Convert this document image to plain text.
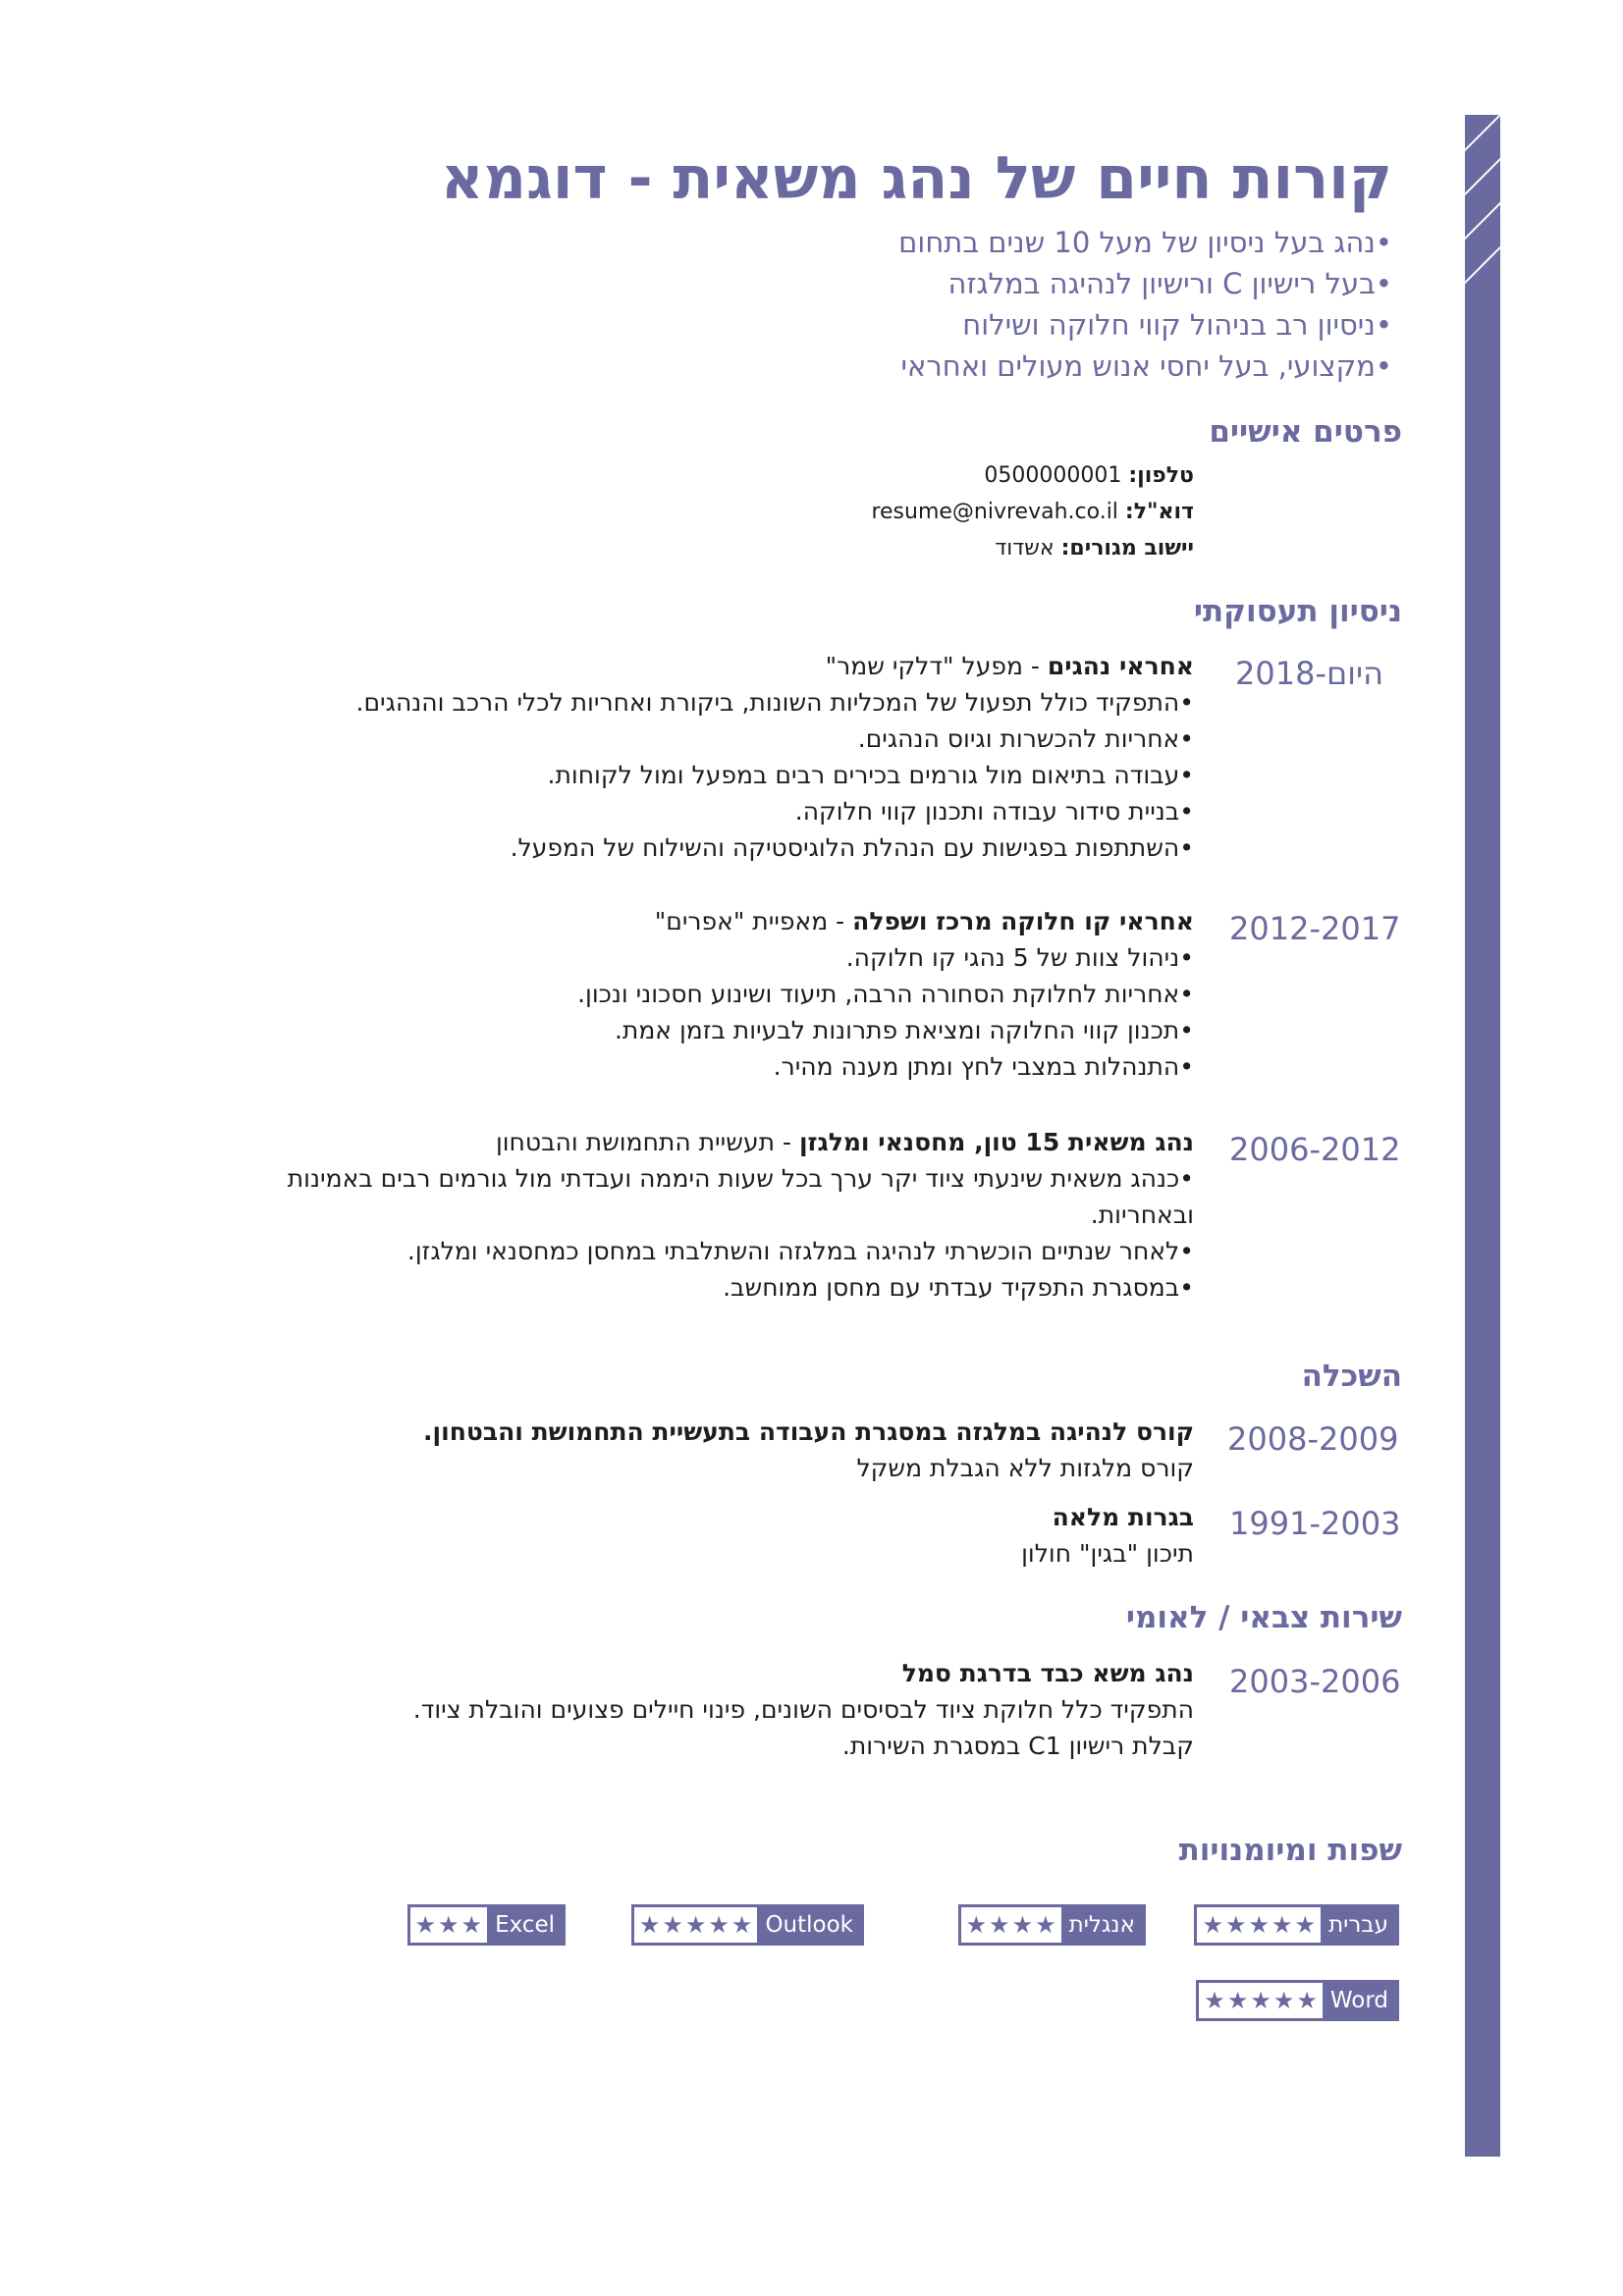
קורות חיים של נהג משאית - דוגמא
•נהג בעל ניסיון של מעל 10 שנים בתחום
•בעל רישיון C ורישיון לנהיגה במלגזה
•ניסיון רב בניהול קווי חלוקה ושילוח
•מקצועי, בעל יחסי אנוש מעולים ואחראי
פרטים אישיים
טלפון: 0500000001
דוא"ל: resume@nivrevah.co.il
יישוב מגורים: אשדוד
ניסיון תעסוקתי
2018-היום
אחראי נהגים - מפעל "דלקי שמר"
•התפקיד כולל תפעול של המכליות השונות, ביקורת ואחריות לכלי הרכב והנהגים.
•אחריות להכשרות וגיוס הנהגים.
•עבודה בתיאום מול גורמים בכירים רבים במפעל ומול לקוחות.
•בניית סידור עבודה ותכנון קווי חלוקה.
•השתתפות בפגישות עם הנהלת הלוגיסטיקה והשילוח של המפעל.
2012-2017
אחראי קו חלוקה מרכז ושפלה - מאפיית "אפרים"
•ניהול צוות של 5 נהגי קו חלוקה.
•אחריות לחלוקת הסחורה הרבה, תיעוד ושינוע חסכוני ונכון.
•תכנון קווי החלוקה ומציאת פתרונות לבעיות בזמן אמת.
•התנהלות במצבי לחץ ומתן מענה מהיר.
2006-2012
נהג משאית 15 טון, מחסנאי ומלגזן - תעשיית התחמושת והבטחון
•כנהג משאית שינעתי ציוד יקר ערך בכל שעות היממה ועבדתי מול גורמים רבים באמינות ובאחריות.
•לאחר שנתיים הוכשרתי לנהיגה במלגזה והשתלבתי במחסן כמחסנאי ומלגזן.
•במסגרת התפקיד עבדתי עם מחסן ממוחשב.
השכלה
2008-2009
קורס לנהיגה במלגזה במסגרת העבודה בתעשיית התחמושת והבטחון.
קורס מלגזות ללא הגבלת משקל
1991-2003
בגרות מלאה
תיכון "בגין" חולון
שירות צבאי / לאומי
2003-2006
נהג משא כבד בדרגת סמל
התפקיד כלל חלוקת ציוד לבסיסים השונים, פינוי חיילים פצועים והובלת ציוד.
קבלת רישיון C1 במסגרת השירות.
שפות ומיומנויות
עברית
★ ★ ★ ★ ★
אנגלית
★ ★ ★ ★
Outlook
★ ★ ★ ★ ★
Excel
★ ★ ★
Word
★ ★ ★ ★ ★
